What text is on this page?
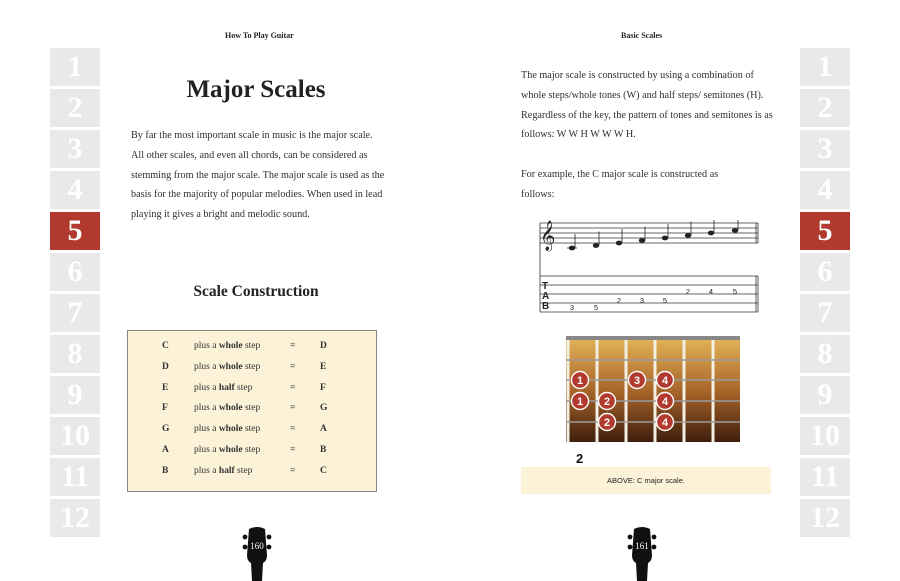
How To Play Guitar	Basic Scales
1
2
3
4
5
6
7
8
9
10
11
12
1
2
3
4
5
6
7
8
9
10
11
12
Major Scales
By far the most important scale in music is the major scale. All other scales, and even all chords, can be considered as stemming from the major scale. The major scale is used as the basis for the majority of popular melodies. When used in lead playing it gives a bright and melodic sound.
Scale Construction
C	plus a whole step	=	D
D	plus a whole step	=	E
E	plus a half step	=	F
F	plus a whole step	=	G
G	plus a whole step	=	A
A	plus a whole step	=	B
B	plus a half step	=	C
The major scale is constructed by using a combination of whole steps/whole tones (W) and half steps/ semitones (H). Regardless of the key, the pattern of tones and semitones is as follows: W W H W W W H.
For example, the C major scale is constructed as follows:
𝄞
T
A
B	3	5
2	3	5
2	4	5
1	3 4
1 2	4
2	4
2
ABOVE: C major scale.
160	161
